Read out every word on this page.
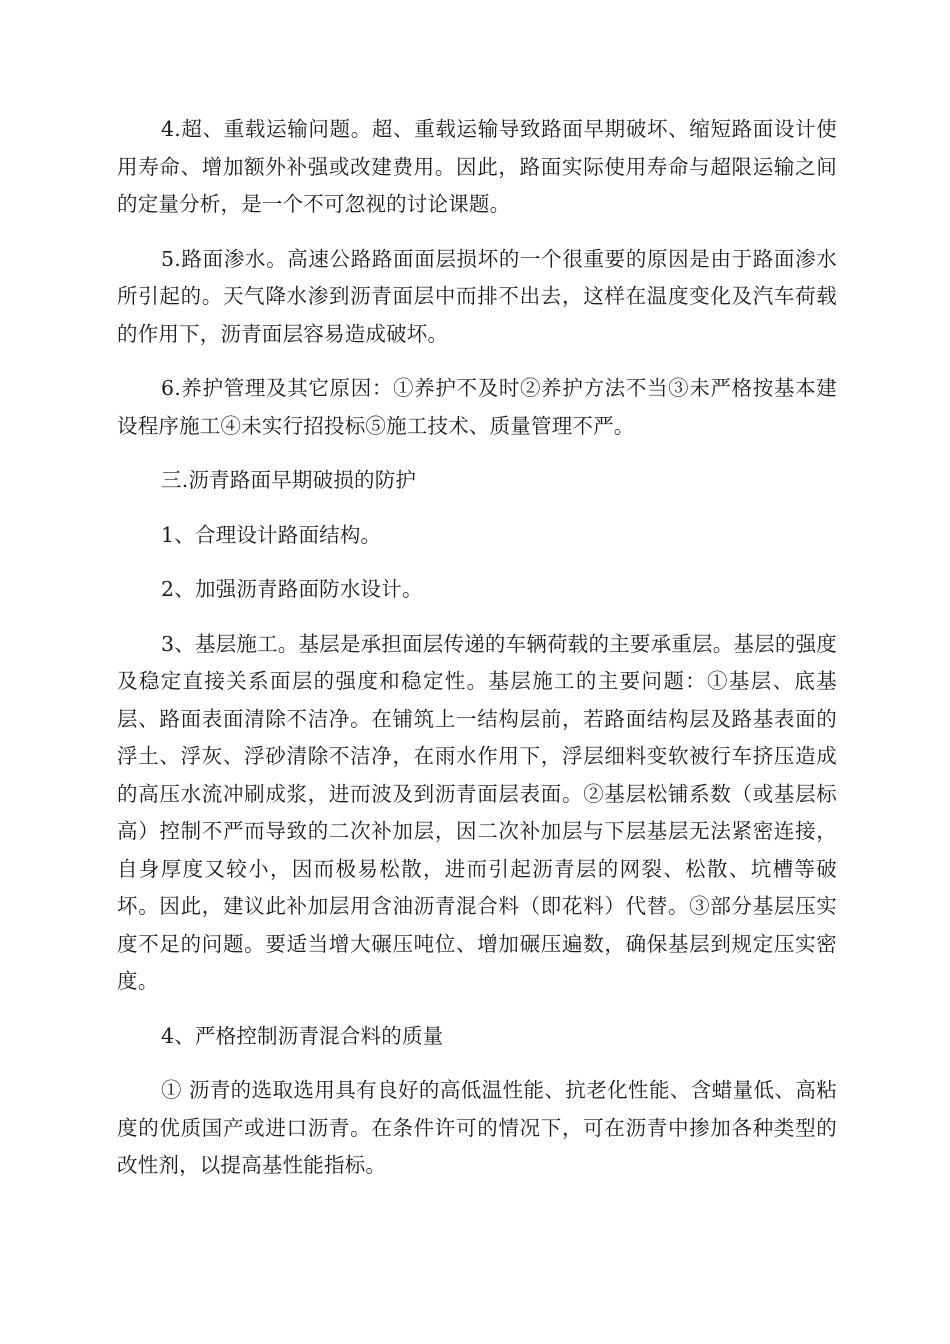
4.超、重载运输问题。超、重载运输导致路面早期破坏、缩短路面设计使用寿命、增加额外补强或改建费用。因此，路面实际使用寿命与超限运输之间的定量分析，是一个不可忽视的讨论课题。

5.路面渗水。高速公路路面面层损坏的一个很重要的原因是由于路面渗水所引起的。天气降水渗到沥青面层中而排不出去，这样在温度变化及汽车荷载的作用下，沥青面层容易造成破坏。

6.养护管理及其它原因：①养护不及时②养护方法不当③未严格按基本建设程序施工④未实行招投标⑤施工技术、质量管理不严。

三.沥青路面早期破损的防护

1、合理设计路面结构。

2、加强沥青路面防水设计。

3、基层施工。基层是承担面层传递的车辆荷载的主要承重层。基层的强度及稳定直接关系面层的强度和稳定性。基层施工的主要问题：①基层、底基层、路面表面清除不洁净。在铺筑上一结构层前，若路面结构层及路基表面的浮土、浮灰、浮砂清除不洁净，在雨水作用下，浮层细料变软被行车挤压造成的高压水流冲刷成浆，进而波及到沥青面层表面。②基层松铺系数（或基层标高）控制不严而导致的二次补加层，因二次补加层与下层基层无法紧密连接，自身厚度又较小，因而极易松散，进而引起沥青层的网裂、松散、坑槽等破坏。因此，建议此补加层用含油沥青混合料（即花料）代替。③部分基层压实度不足的问题。要适当增大碾压吨位、增加碾压遍数，确保基层到规定压实密度。

4、严格控制沥青混合料的质量

① 沥青的选取选用具有良好的高低温性能、抗老化性能、含蜡量低、高粘度的优质国产或进口沥青。在条件许可的情况下，可在沥青中掺加各种类型的改性剂，以提高基性能指标。
